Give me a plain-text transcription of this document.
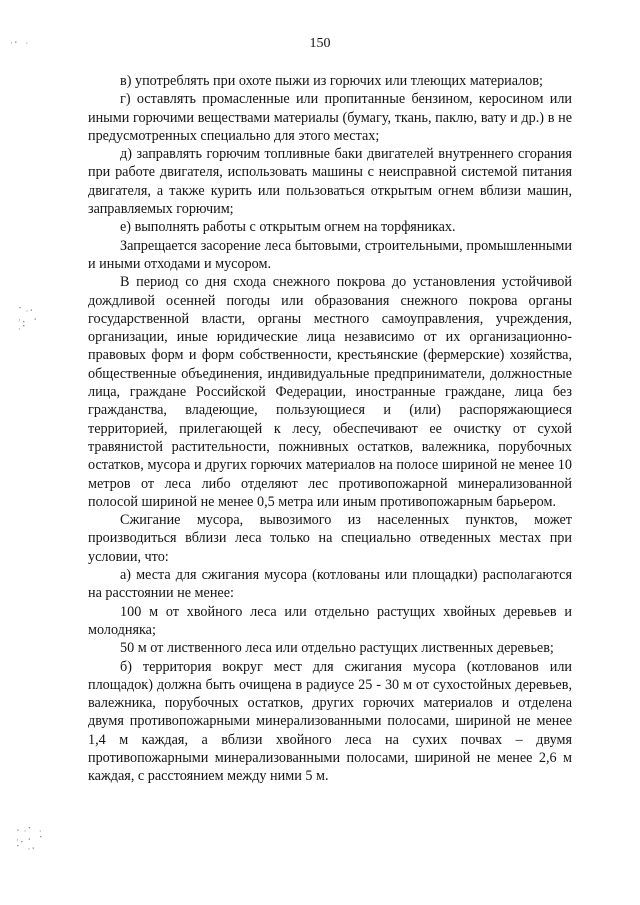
150

в) употреблять при охоте пыжи из горючих или тлеющих материалов;

г) оставлять промасленные или пропитанные бензином, керосином или иными горючими веществами материалы (бумагу, ткань, паклю, вату и др.) в не предусмотренных специально для этого местах;

д) заправлять горючим топливные баки двигателей внутреннего сгорания при работе двигателя, использовать машины с неисправной системой питания двигателя, а также курить или пользоваться открытым огнем вблизи машин, заправляемых горючим;

е) выполнять работы с открытым огнем на торфяниках.

Запрещается засорение леса бытовыми, строительными, промышленными и иными отходами и мусором.

В период со дня схода снежного покрова до установления устойчивой дождливой осенней погоды или образования снежного покрова органы государственной власти, органы местного самоуправления, учреждения, организации, иные юридические лица независимо от их организационно-правовых форм и форм собственности, крестьянские (фермерские) хозяйства, общественные объединения, индивидуальные предприниматели, должностные лица, граждане Российской Федерации, иностранные граждане, лица без гражданства, владеющие, пользующиеся и (или) распоряжающиеся территорией, прилегающей к лесу, обеспечивают ее очистку от сухой травянистой растительности, пожнивных остатков, валежника, порубочных остатков, мусора и других горючих материалов на полосе шириной не менее 10 метров от леса либо отделяют лес противопожарной минерализованной полосой шириной не менее 0,5 метра или иным противопожарным барьером.

Сжигание мусора, вывозимого из населенных пунктов, может производиться вблизи леса только на специально отведенных местах при условии, что:

а) места для сжигания мусора (котлованы или площадки) располагаются на расстоянии не менее:

100 м от хвойного леса или отдельно растущих хвойных деревьев и молодняка;

50 м от лиственного леса или отдельно растущих лиственных деревьев;

б) территория вокруг мест для сжигания мусора (котлованов или площадок) должна быть очищена в радиусе 25 - 30 м от сухостойных деревьев, валежника, порубочных остатков, других горючих материалов и отделена двумя противопожарными минерализованными полосами, шириной не менее 1,4 м каждая, а вблизи хвойного леса на сухих почвах – двумя противопожарными минерализованными полосами, шириной не менее 2,6 м каждая, с расстоянием между ними 5 м.

·⠂ ·
⠁·⠂
·⠄ ⠂
·⠁
⠂·⠁ ·
·⠄⠂ ⠁
⠁ ·⠂
